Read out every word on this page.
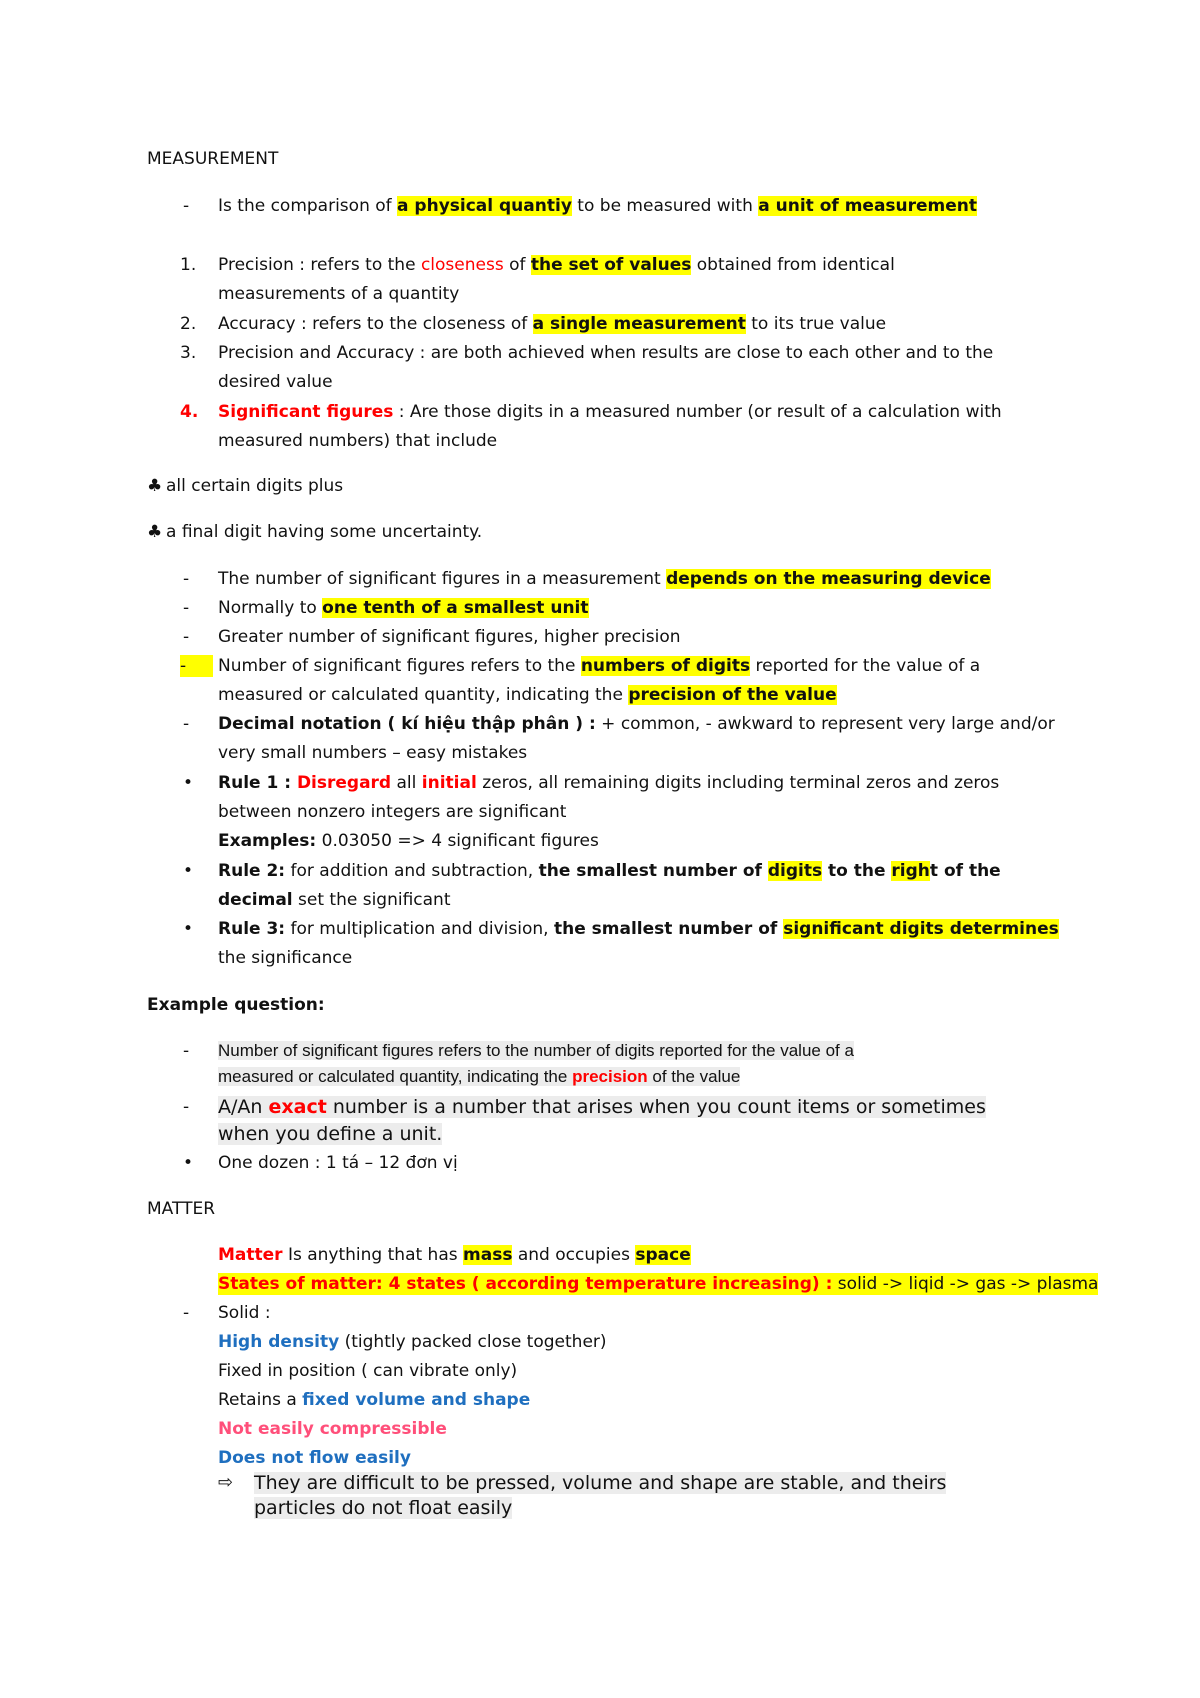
MEASUREMENT
- Is the comparison of a physical quantiy to be measured with a unit of measurement
1. Precision : refers to the closeness of the set of values obtained from identical
measurements of a quantity
2. Accuracy : refers to the closeness of a single measurement to its true value
3. Precision and Accuracy : are both achieved when results are close to each other and to the
desired value
4. Significant figures : Are those digits in a measured number (or result of a calculation with
measured numbers) that include
♣ all certain digits plus
♣ a final digit having some uncertainty.
- The number of significant figures in a measurement depends on the measuring device
- Normally to one tenth of a smallest unit
- Greater number of significant figures, higher precision
-	Number of significant figures refers to the numbers of digits reported for the value of a
measured or calculated quantity, indicating the precision of the value
- Decimal notation ( kí hiệu thập phân ) : + common, - awkward to represent very large and/or
very small numbers – easy mistakes
• Rule 1 : Disregard all initial zeros, all remaining digits including terminal zeros and zeros
between nonzero integers are significant
Examples: 0.03050 => 4 significant figures
• Rule 2: for addition and subtraction, the smallest number of digits to the right of the
decimal set the significant
• Rule 3: for multiplication and division, the smallest number of significant digits determines
the significance
Example question:
- Number of significant figures refers to the number of digits reported for the value of a
measured or calculated quantity, indicating the precision of the value
- A/An exact number is a number that arises when you count items or sometimes
when you define a unit.
• One dozen : 1 tá – 12 đơn vị
MATTER
Matter Is anything that has mass and occupies space
States of matter: 4 states ( according temperature increasing) : solid -> liqid -> gas -> plasma
- Solid :
High density (tightly packed close together)
Fixed in position ( can vibrate only)
Retains a fixed volume and shape
Not easily compressible
Does not flow easily
⇨ They are difficult to be pressed, volume and shape are stable, and theirs
particles do not float easily
